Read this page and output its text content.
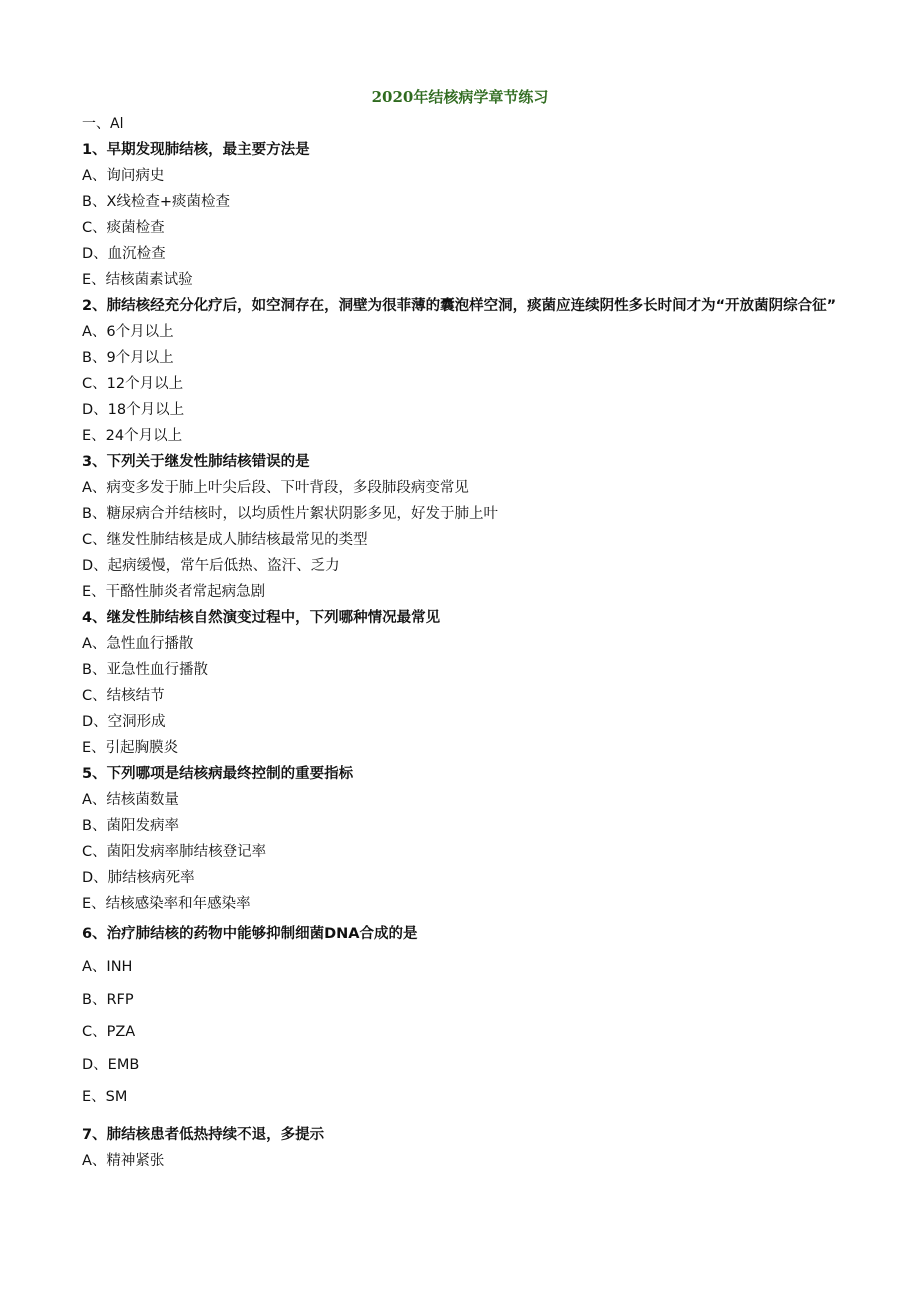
2020年结核病学章节练习
一、Al
1、早期发现肺结核，最主要方法是
A、询问病史
B、X线检查+痰菌检查
C、痰菌检查
D、血沉检查
E、结核菌素试验
2、肺结核经充分化疗后，如空洞存在，洞壁为很菲薄的囊泡样空洞，痰菌应连续阴性多长时间才为“开放菌阴综合征”
A、6个月以上
B、9个月以上
C、12个月以上
D、18个月以上
E、24个月以上
3、下列关于继发性肺结核错误的是
A、病变多发于肺上叶尖后段、下叶背段，多段肺段病变常见
B、糖尿病合并结核时，以均质性片絮状阴影多见，好发于肺上叶
C、继发性肺结核是成人肺结核最常见的类型
D、起病缓慢，常午后低热、盗汗、乏力
E、干酪性肺炎者常起病急剧
4、继发性肺结核自然演变过程中，下列哪种情况最常见
A、急性血行播散
B、亚急性血行播散
C、结核结节
D、空洞形成
E、引起胸膜炎
5、下列哪项是结核病最终控制的重要指标
A、结核菌数量
B、菌阳发病率
C、菌阳发病率肺结核登记率
D、肺结核病死率
E、结核感染率和年感染率
6、治疗肺结核的药物中能够抑制细菌DNA合成的是
A、INH
B、RFP
C、PZA
D、EMB
E、SM
7、肺结核患者低热持续不退，多提示
A、精神紧张
